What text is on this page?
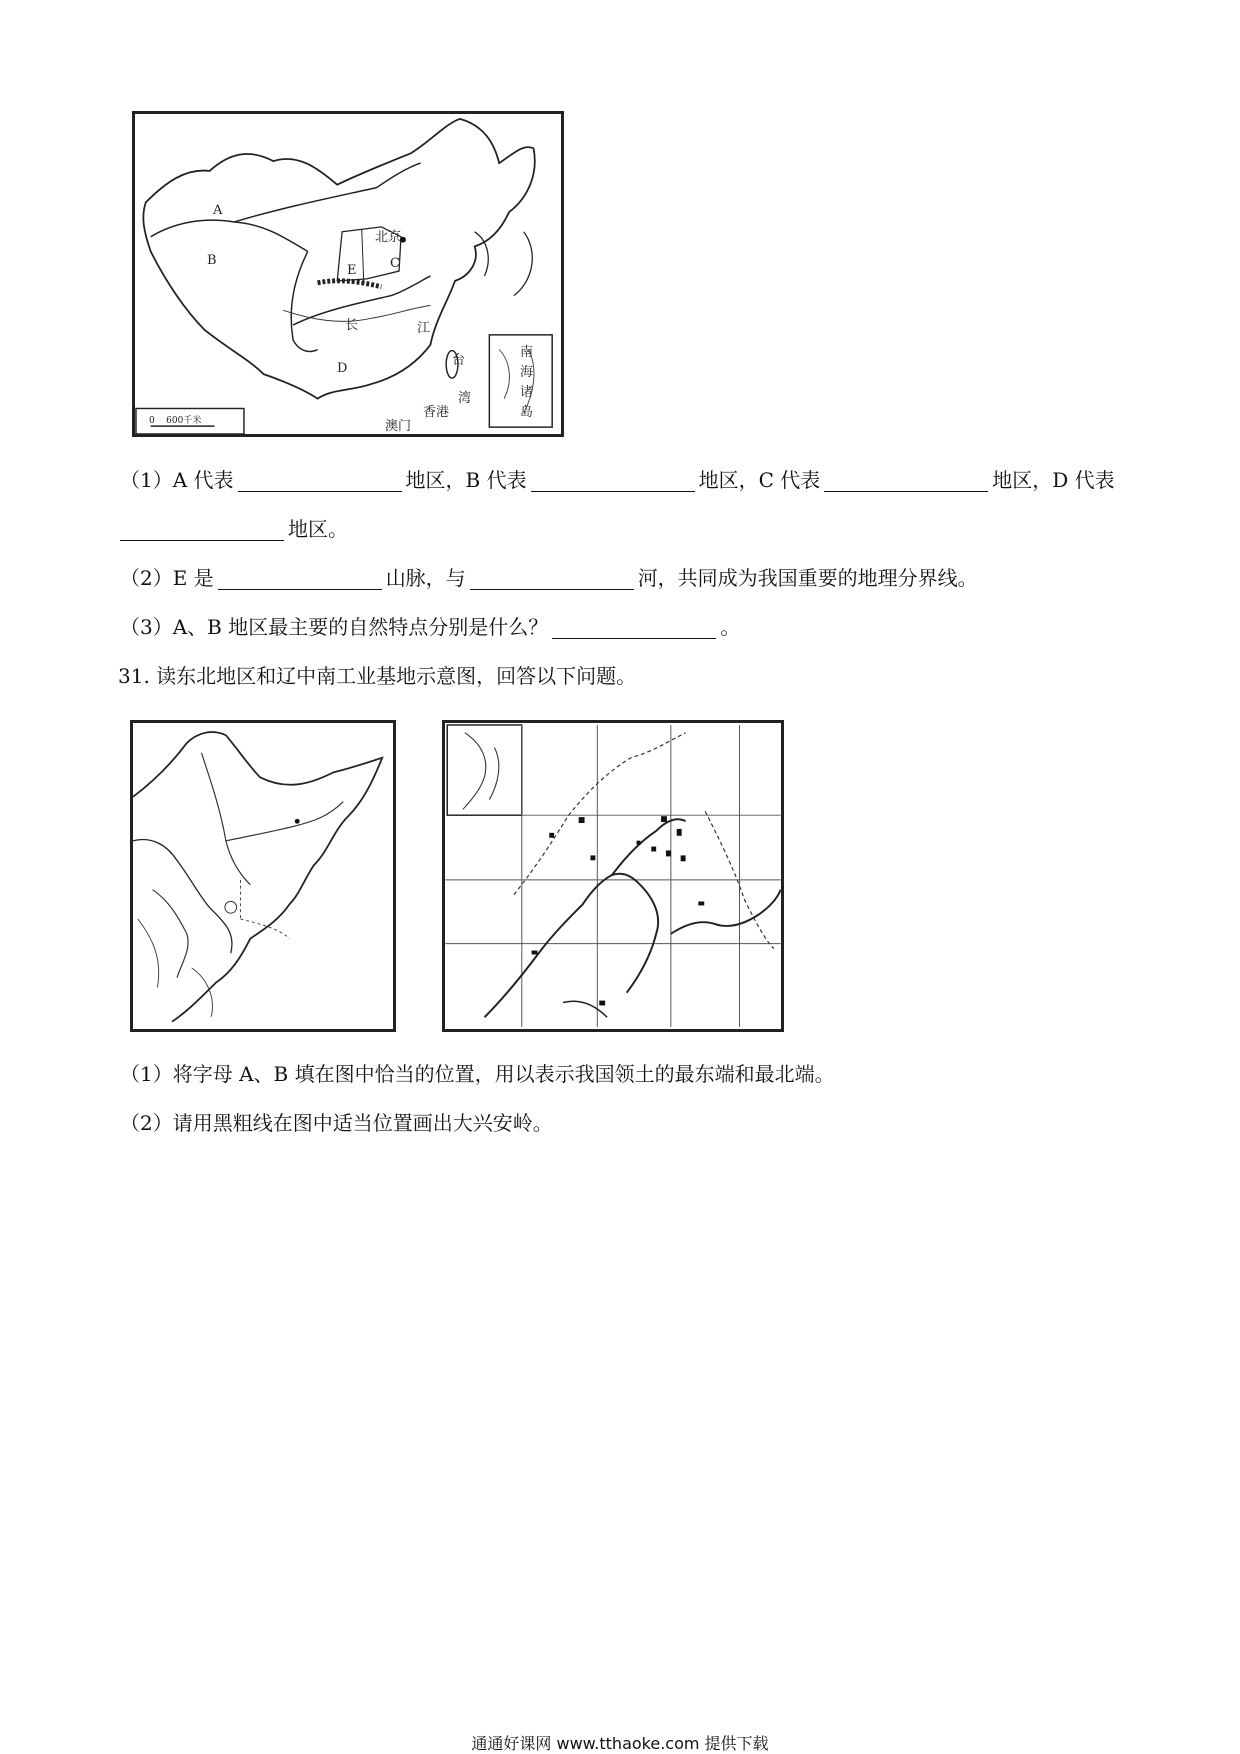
A
B	C
E
D
北京
长	江
台
湾
香港
澳门
南
海
诸
岛
0    600千米
（1）A 代表	地区，B 代表	地区，C 代表	地区，D 代表
地区。
（2）E 是	山脉，与	河，共同成为我国重要的地理分界线。
（3）A、B 地区最主要的自然特点分别是什么？	。
31. 读东北地区和辽中南工业基地示意图，回答以下问题。
（1）将字母 A、B 填在图中恰当的位置，用以表示我国领土的最东端和最北端。
（2）请用黑粗线在图中适当位置画出大兴安岭。
通通好课网 www.tthaoke.com 提供下载
